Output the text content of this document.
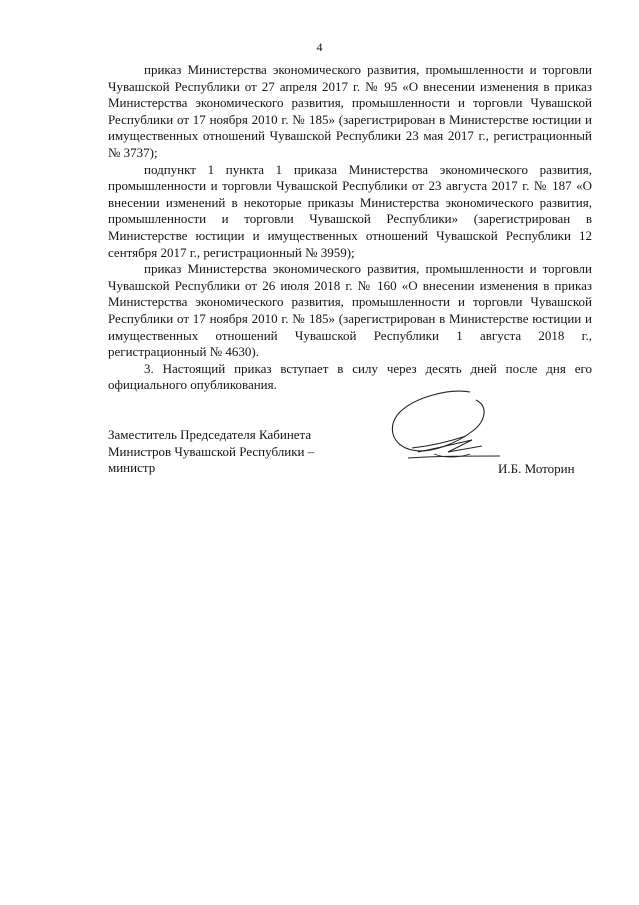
4

приказ Министерства экономического развития, промышленности и торговли Чувашской Республики от 27 апреля 2017 г. № 95 «О внесении изменения в приказ Министерства экономического развития, промышленности и торговли Чувашской Республики от 17 ноября 2010 г. № 185» (зарегистрирован в Министерстве юстиции и имущественных отношений Чувашской Республики 23 мая 2017 г., регистрационный № 3737);

подпункт 1 пункта 1 приказа Министерства экономического развития, промышленности и торговли Чувашской Республики от 23 августа 2017 г. № 187 «О внесении изменений в некоторые приказы Министерства экономического развития, промышленности и торговли Чувашской Республики» (зарегистрирован в Министерстве юстиции и имущественных отношений Чувашской Республики 12 сентября 2017 г., регистрационный № 3959);

приказ Министерства экономического развития, промышленности и торговли Чувашской Республики от 26 июля 2018 г. № 160 «О внесении изменения в приказ Министерства экономического развития, промышленности и торговли Чувашской Республики от 17 ноября 2010 г. № 185» (зарегистрирован в Министерстве юстиции и имущественных отношений Чувашской Республики 1 августа 2018 г., регистрационный № 4630).

3. Настоящий приказ вступает в силу через десять дней после дня его официального опубликования.

Заместитель Председателя Кабинета
Министров Чувашской Республики –
министр	И.Б. Моторин
